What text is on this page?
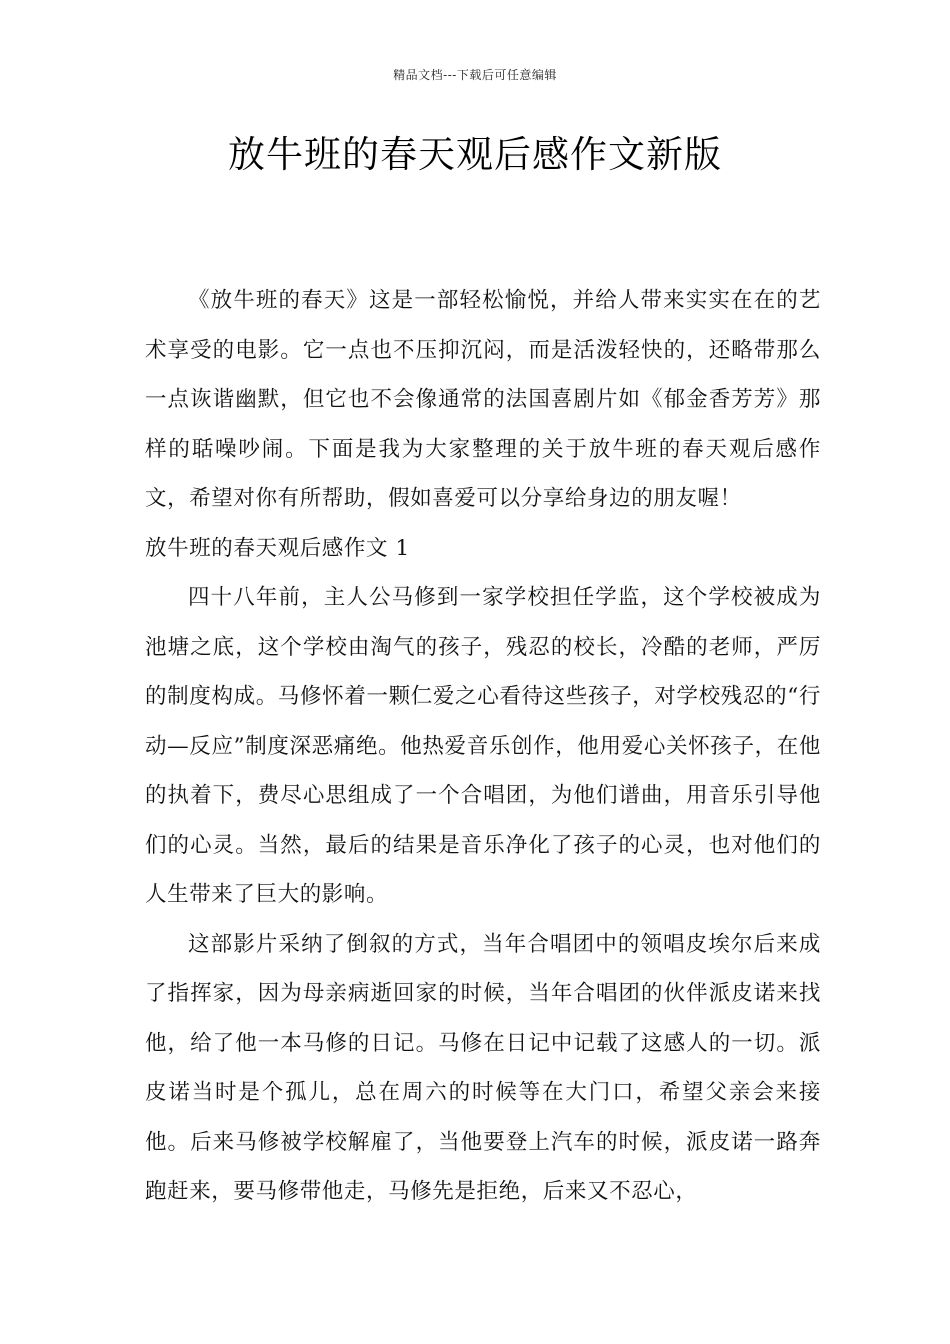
精品文档---下载后可任意编辑
放牛班的春天观后感作文新版

《放牛班的春天》这是一部轻松愉悦，并给人带来实实在在的艺术享受的电影。它一点也不压抑沉闷，而是活泼轻快的，还略带那么一点诙谐幽默，但它也不会像通常的法国喜剧片如《郁金香芳芳》那样的聒噪吵闹。下面是我为大家整理的关于放牛班的春天观后感作文，希望对你有所帮助，假如喜爱可以分享给身边的朋友喔！

放牛班的春天观后感作文 1

四十八年前，主人公马修到一家学校担任学监，这个学校被成为池塘之底，这个学校由淘气的孩子，残忍的校长，冷酷的老师，严厉的制度构成。马修怀着一颗仁爱之心看待这些孩子，对学校残忍的“行动—反应”制度深恶痛绝。他热爱音乐创作，他用爱心关怀孩子，在他的执着下，费尽心思组成了一个合唱团，为他们谱曲，用音乐引导他们的心灵。当然，最后的结果是音乐净化了孩子的心灵，也对他们的人生带来了巨大的影响。

这部影片采纳了倒叙的方式，当年合唱团中的领唱皮埃尔后来成了指挥家，因为母亲病逝回家的时候，当年合唱团的伙伴派皮诺来找他，给了他一本马修的日记。马修在日记中记载了这感人的一切。派皮诺当时是个孤儿，总在周六的时候等在大门口，希望父亲会来接他。后来马修被学校解雇了，当他要登上汽车的时候，派皮诺一路奔跑赶来，要马修带他走，马修先是拒绝，后来又不忍心，
